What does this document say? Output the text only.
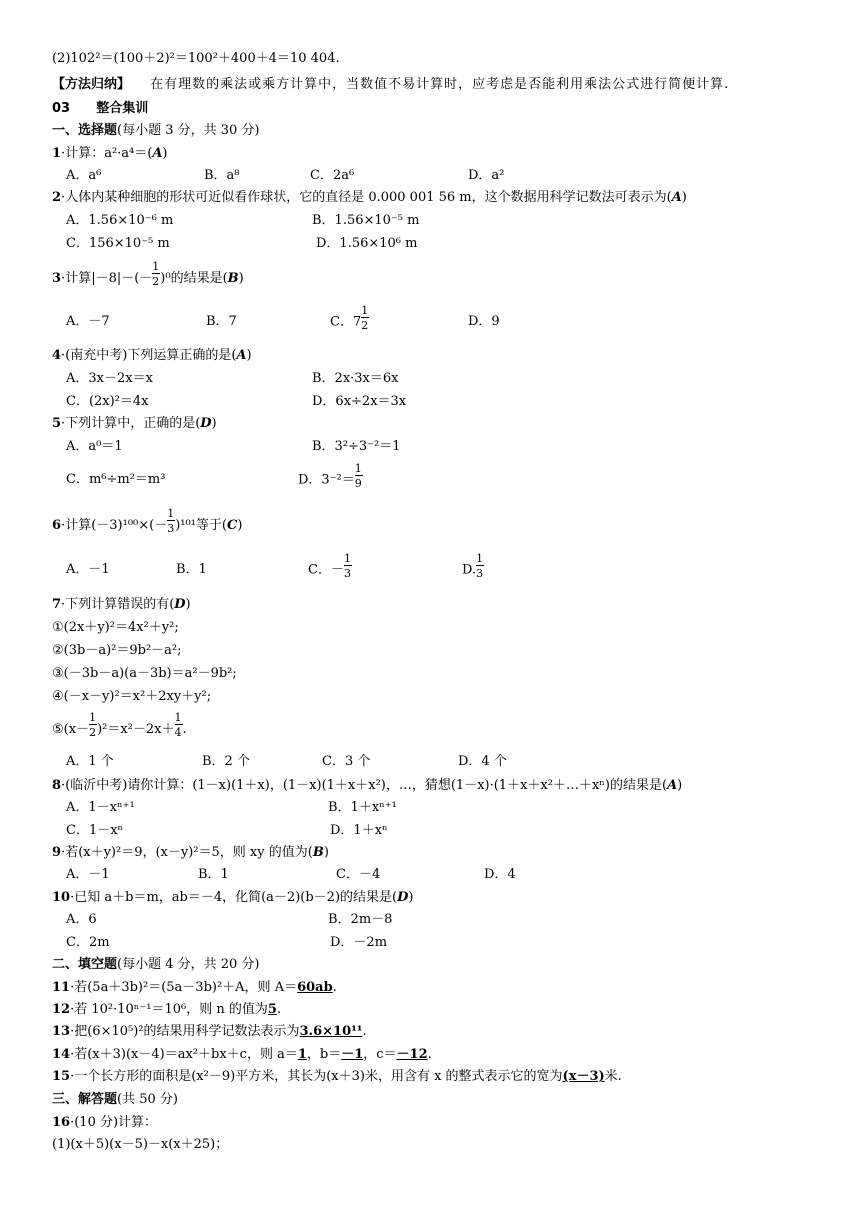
(2)102²＝(100＋2)²＝100²＋400＋4＝10 404.
【方法归纳】 在有理数的乘法或乘方计算中，当数值不易计算时，应考虑是否能利用乘法公式进行简便计算.
03 整合集训
一、选择题(每小题 3 分，共 30 分)
1·计算：a²·a⁴＝(A)
A．a⁶	B．a⁸	C．2a⁶	D．a²
2·人体内某种细胞的形状可近似看作球状，它的直径是 0.000 001 56 m，这个数据用科学记数法可表示为(A)
A．1.56×10⁻⁶ m	B．1.56×10⁻⁵ m
C．156×10⁻⁵ m	D．1.56×10⁶ m
3·计算$|-8|-(- \frac{1}{2} )^0$的结果是(B)
A．－7	B．7	C．$7 \frac{1}{2}$	D．9
4·(南充中考)下列运算正确的是(A)
A．3x－2x＝x	B．2x·3x＝6x
C．(2x)²＝4x	D．6x÷2x＝3x
5·下列计算中，正确的是(D)
A．a⁰＝1	B．3²÷3⁻²＝1
C．m⁶÷m²＝m³	D．$3^{-2}= \frac{1}{9}$
6·计算$(-3)^{100}\times(- \frac{1}{3} )^{101}$等于(C)
A．－1	B．1	C．－ $\frac{1}{3}$	D. $\frac{1}{3}$
7·下列计算错误的有(D)
①(2x＋y)²＝4x²＋y²;
②(3b－a)²＝9b²－a²;
③(－3b－a)(a－3b)＝a²－9b²;
④(－x－y)²＝x²＋2xy＋y²;
⑤(x－ $\frac{1}{2} )^2=x^2-2x+ \frac{1}{4}$ .
A．1 个	B．2 个	C．3 个	D．4 个
8·(临沂中考)请你计算：(1－x)(1＋x)，(1－x)(1＋x＋x²)，…，猜想(1－x)·(1＋x＋x²＋…＋xⁿ)的结果是(A)
A．1－xⁿ⁺¹	B．1＋xⁿ⁺¹
C．1－xⁿ	D．1＋xⁿ
9·若(x＋y)²＝9，(x－y)²＝5，则 xy 的值为(B)
A．－1	B．1	C．－4	D．4
10·已知 a＋b＝m，ab＝－4，化简(a－2)(b－2)的结果是(D)
A．6	B．2m－8
C．2m	D．－2m
二、填空题(每小题 4 分，共 20 分)
11·若(5a＋3b)²＝(5a－3b)²＋A，则 A＝60ab.
12·若 10²·10ⁿ⁻¹＝10⁶，则 n 的值为5.
13·把(6×10⁵)²的结果用科学记数法表示为3.6×10¹¹.
14·若(x＋3)(x－4)＝ax²＋bx＋c，则 a＝1，b＝－1，c＝－12.
15·一个长方形的面积是(x²－9)平方米，其长为(x＋3)米，用含有 x 的整式表示它的宽为(x－3)米.
三、解答题(共 50 分)
16·(10 分)计算：
(1)(x＋5)(x－5)－x(x＋25)；
